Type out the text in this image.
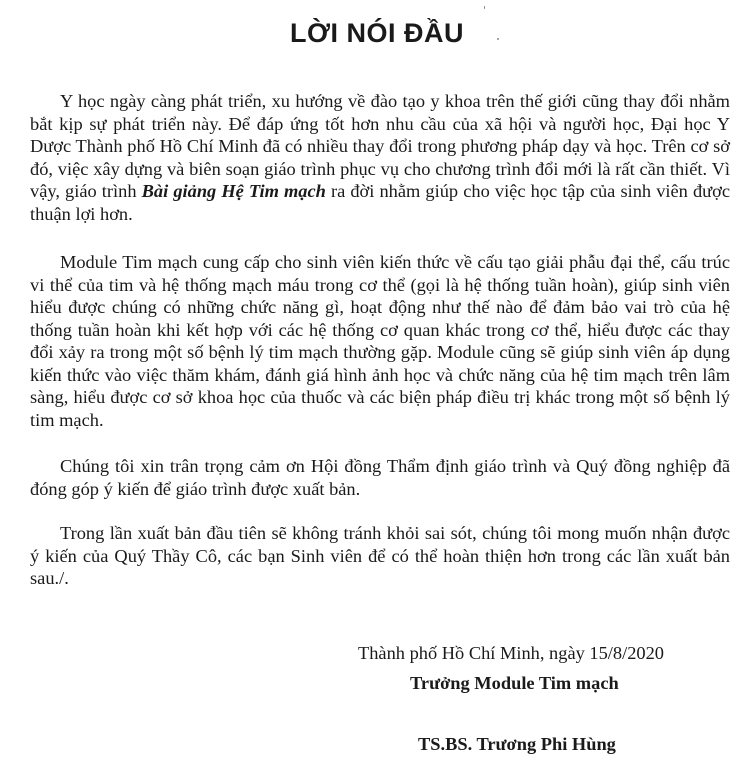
LỜI NÓI ĐẦU

Y học ngày càng phát triển, xu hướng về đào tạo y khoa trên thế giới cũng thay đổi nhằm bắt kịp sự phát triển này. Để đáp ứng tốt hơn nhu cầu của xã hội và người học, Đại học Y Dược Thành phố Hồ Chí Minh đã có nhiều thay đổi trong phương pháp dạy và học. Trên cơ sở đó, việc xây dựng và biên soạn giáo trình phục vụ cho chương trình đổi mới là rất cần thiết. Vì vậy, giáo trình Bài giảng Hệ Tim mạch ra đời nhằm giúp cho việc học tập của sinh viên được thuận lợi hơn.

Module Tim mạch cung cấp cho sinh viên kiến thức về cấu tạo giải phẫu đại thể, cấu trúc vi thể của tim và hệ thống mạch máu trong cơ thể (gọi là hệ thống tuần hoàn), giúp sinh viên hiểu được chúng có những chức năng gì, hoạt động như thế nào để đảm bảo vai trò của hệ thống tuần hoàn khi kết hợp với các hệ thống cơ quan khác trong cơ thể, hiểu được các thay đổi xảy ra trong một số bệnh lý tim mạch thường gặp. Module cũng sẽ giúp sinh viên áp dụng kiến thức vào việc thăm khám, đánh giá hình ảnh học và chức năng của hệ tim mạch trên lâm sàng, hiểu được cơ sở khoa học của thuốc và các biện pháp điều trị khác trong một số bệnh lý tim mạch.

Chúng tôi xin trân trọng cảm ơn Hội đồng Thẩm định giáo trình và Quý đồng nghiệp đã đóng góp ý kiến để giáo trình được xuất bản.

Trong lần xuất bản đầu tiên sẽ không tránh khỏi sai sót, chúng tôi mong muốn nhận được ý kiến của Quý Thầy Cô, các bạn Sinh viên để có thể hoàn thiện hơn trong các lần xuất bản sau./.

Thành phố Hồ Chí Minh, ngày 15/8/2020

Trưởng Module Tim mạch

TS.BS. Trương Phi Hùng
